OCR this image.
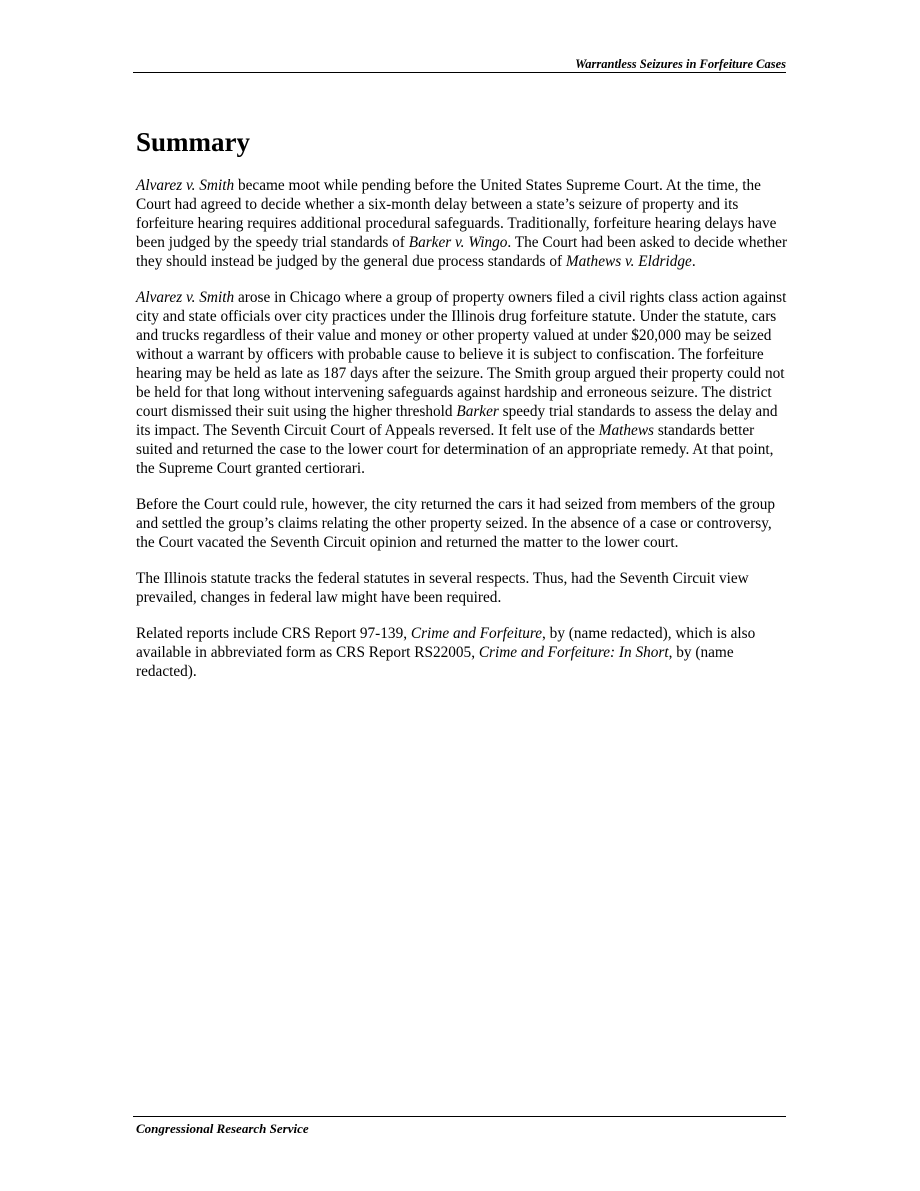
Warrantless Seizures in Forfeiture Cases
Summary

Alvarez v. Smith became moot while pending before the United States Supreme Court. At the time, the Court had agreed to decide whether a six-month delay between a state’s seizure of property and its forfeiture hearing requires additional procedural safeguards. Traditionally, forfeiture hearing delays have been judged by the speedy trial standards of Barker v. Wingo. The Court had been asked to decide whether they should instead be judged by the general due process standards of Mathews v. Eldridge.

Alvarez v. Smith arose in Chicago where a group of property owners filed a civil rights class action against city and state officials over city practices under the Illinois drug forfeiture statute. Under the statute, cars and trucks regardless of their value and money or other property valued at under $20,000 may be seized without a warrant by officers with probable cause to believe it is subject to confiscation. The forfeiture hearing may be held as late as 187 days after the seizure. The Smith group argued their property could not be held for that long without intervening safeguards against hardship and erroneous seizure. The district court dismissed their suit using the higher threshold Barker speedy trial standards to assess the delay and its impact. The Seventh Circuit Court of Appeals reversed. It felt use of the Mathews standards better suited and returned the case to the lower court for determination of an appropriate remedy. At that point, the Supreme Court granted certiorari.

Before the Court could rule, however, the city returned the cars it had seized from members of the group and settled the group’s claims relating the other property seized. In the absence of a case or controversy, the Court vacated the Seventh Circuit opinion and returned the matter to the lower court.

The Illinois statute tracks the federal statutes in several respects. Thus, had the Seventh Circuit view prevailed, changes in federal law might have been required.

Related reports include CRS Report 97-139, Crime and Forfeiture, by (name redacted), which is also available in abbreviated form as CRS Report RS22005, Crime and Forfeiture: In Short, by (name redacted).

Congressional Research Service
